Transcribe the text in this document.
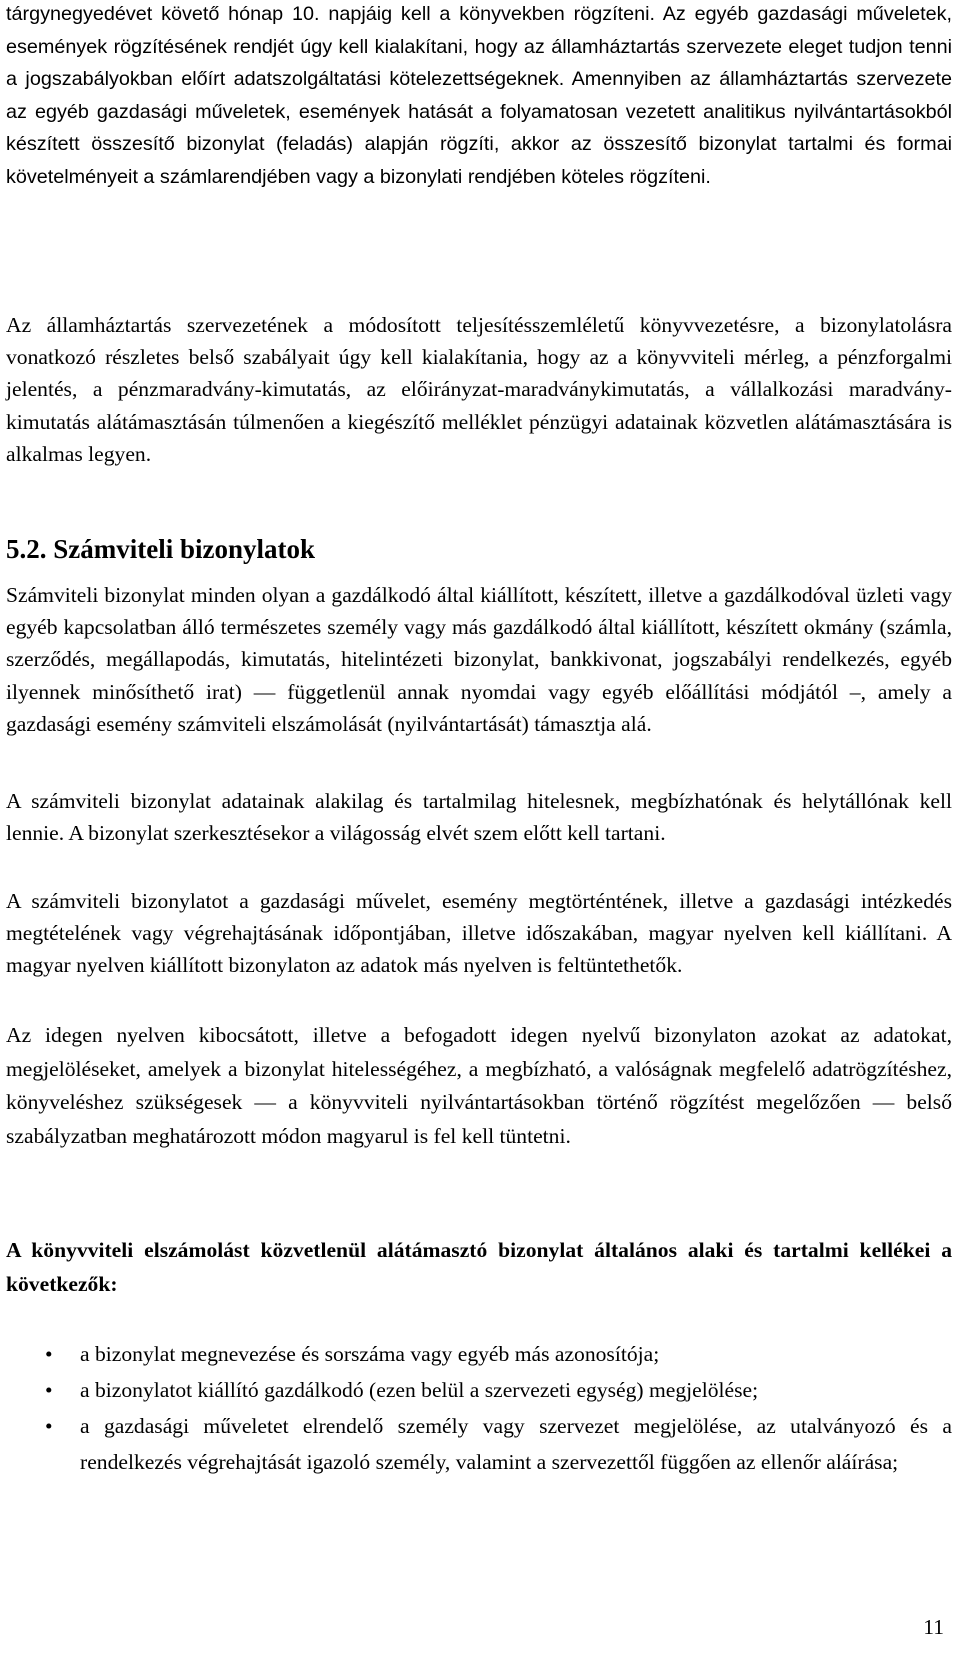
tárgynegyedévet követő hónap 10. napjáig kell a könyvekben rögzíteni. Az egyéb gazdasági műveletek, események rögzítésének rendjét úgy kell kialakítani, hogy az államháztartás szervezete eleget tudjon tenni a jogszabályokban előírt adatszolgáltatási kötelezettségeknek. Amennyiben az államháztartás szervezete az egyéb gazdasági műveletek, események hatását a folyamatosan vezetett analitikus nyilvántartásokból készített összesítő bizonylat (feladás) alapján rögzíti, akkor az összesítő bizonylat tartalmi és formai követelményeit a számlarendjében vagy a bizonylati rendjében köteles rögzíteni.

Az államháztartás szervezetének a módosított teljesítésszemléletű könyvvezetésre, a bizonylatolásra vonatkozó részletes belső szabályait úgy kell kialakítania, hogy az a könyvviteli mérleg, a pénzforgalmi jelentés, a pénzmaradvány-kimutatás, az előirányzat-maradványkimutatás, a vállalkozási maradvány-kimutatás alátámasztásán túlmenően a kiegészítő melléklet pénzügyi adatainak közvetlen alátámasztására is alkalmas legyen.

5.2. Számviteli bizonylatok

Számviteli bizonylat minden olyan a gazdálkodó által kiállított, készített, illetve a gazdálkodóval üzleti vagy egyéb kapcsolatban álló természetes személy vagy más gazdálkodó által kiállított, készített okmány (számla, szerződés, megállapodás, kimutatás, hitelintézeti bizonylat, bankkivonat, jogszabályi rendelkezés, egyéb ilyennek minősíthető irat) — függetlenül annak nyomdai vagy egyéb előállítási módjától –, amely a gazdasági esemény számviteli elszámolását (nyilvántartását) támasztja alá.

A számviteli bizonylat adatainak alakilag és tartalmilag hitelesnek, megbízhatónak és helytállónak kell lennie. A bizonylat szerkesztésekor a világosság elvét szem előtt kell tartani.

A számviteli bizonylatot a gazdasági művelet, esemény megtörténtének, illetve a gazdasági intézkedés megtételének vagy végrehajtásának időpontjában, illetve időszakában, magyar nyelven kell kiállítani. A magyar nyelven kiállított bizonylaton az adatok más nyelven is feltüntethetők.

Az idegen nyelven kibocsátott, illetve a befogadott idegen nyelvű bizonylaton azokat az adatokat, megjelöléseket, amelyek a bizonylat hitelességéhez, a megbízható, a valóságnak megfelelő adatrögzítéshez, könyveléshez szükségesek — a könyvviteli nyilvántartásokban történő rögzítést megelőzően — belső szabályzatban meghatározott módon magyarul is fel kell tüntetni.

A könyvviteli elszámolást közvetlenül alátámasztó bizonylat általános alaki és tartalmi kellékei a következők:

• a bizonylat megnevezése és sorszáma vagy egyéb más azonosítója;
• a bizonylatot kiállító gazdálkodó (ezen belül a szervezeti egység) megjelölése;
• a gazdasági műveletet elrendelő személy vagy szervezet megjelölése, az utalványozó és a rendelkezés végrehajtását igazoló személy, valamint a szervezettől függően az ellenőr aláírása;
11
